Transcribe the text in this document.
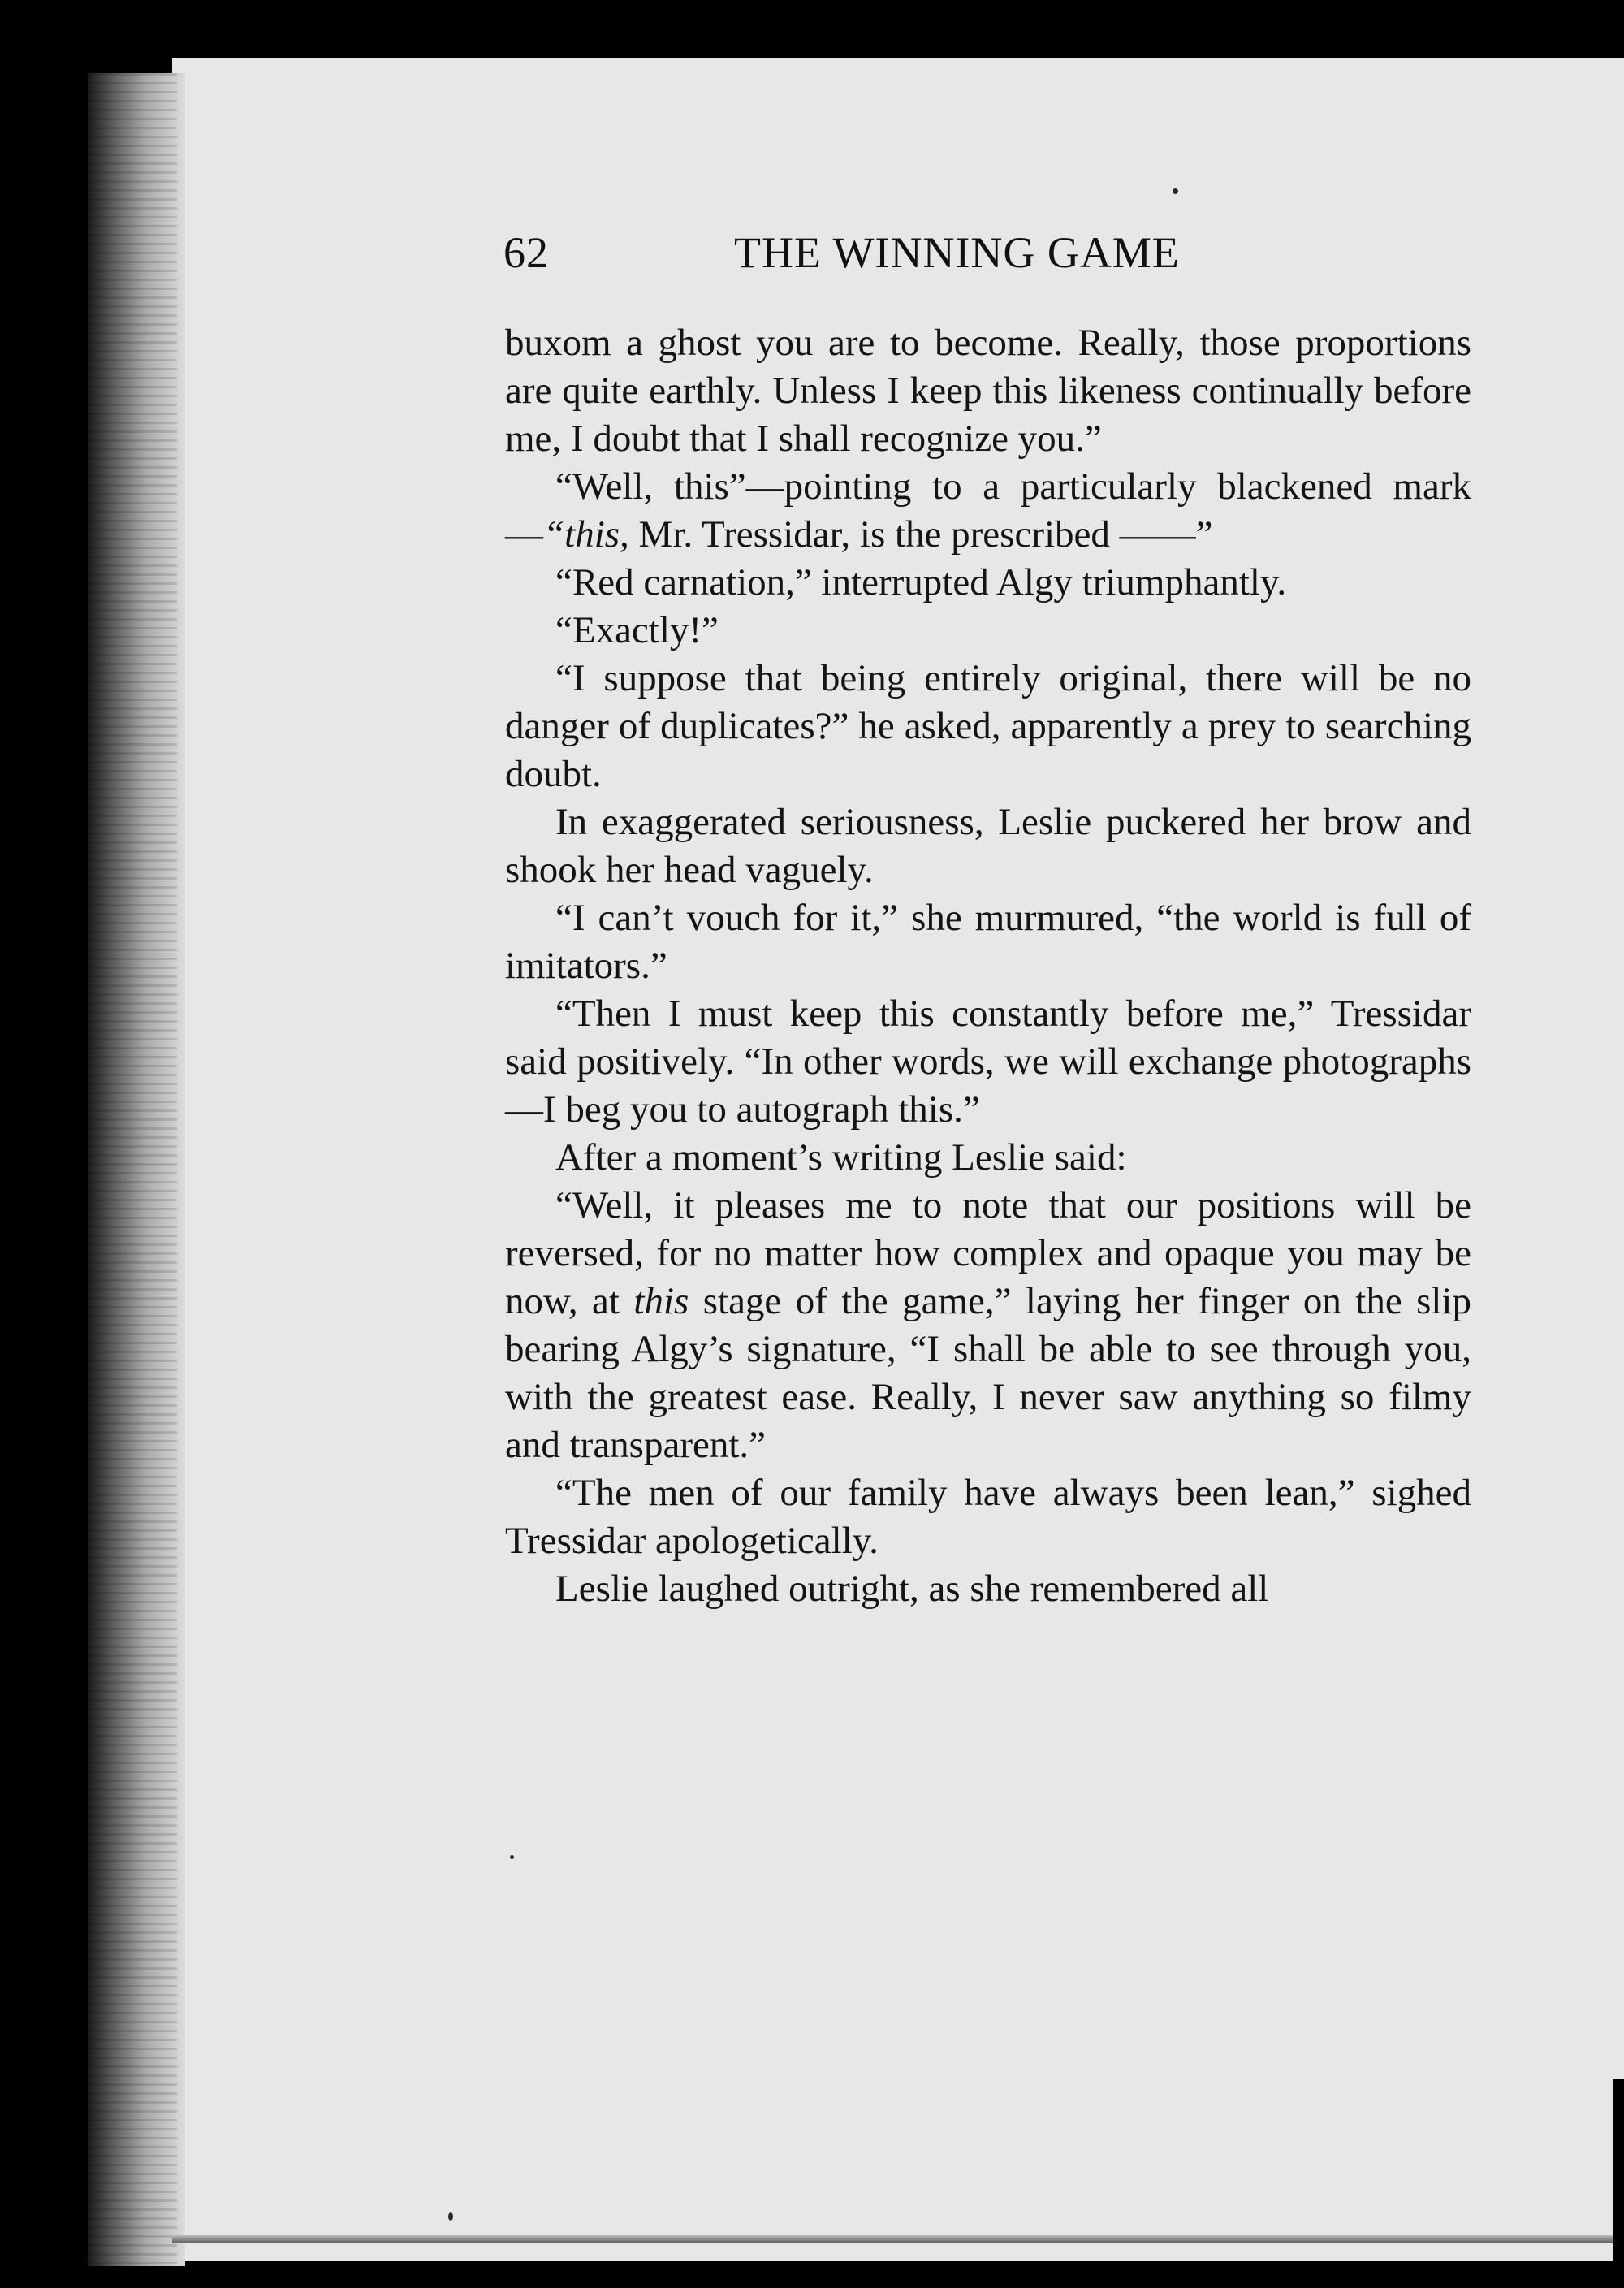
62	THE WINNING GAME

buxom a ghost you are to become. Really, those proportions are quite earthly. Unless I keep this likeness continually before me, I doubt that I shall recognize you.”

“Well, this”—pointing to a particularly blackened mark—“this, Mr. Tressidar, is the prescribed ——”

“Red carnation,” interrupted Algy triumphantly.

“Exactly!”

“I suppose that being entirely original, there will be no danger of duplicates?” he asked, apparently a prey to searching doubt.

In exaggerated seriousness, Leslie puckered her brow and shook her head vaguely.

“I can’t vouch for it,” she murmured, “the world is full of imitators.”

“Then I must keep this constantly before me,” Tressidar said positively. “In other words, we will exchange photographs—I beg you to autograph this.”

After a moment’s writing Leslie said:

“Well, it pleases me to note that our positions will be reversed, for no matter how complex and opaque you may be now, at this stage of the game,” laying her finger on the slip bearing Algy’s signature, “I shall be able to see through you, with the greatest ease. Really, I never saw anything so filmy and transparent.”

“The men of our family have always been lean,” sighed Tressidar apologetically.

Leslie laughed outright, as she remembered all
